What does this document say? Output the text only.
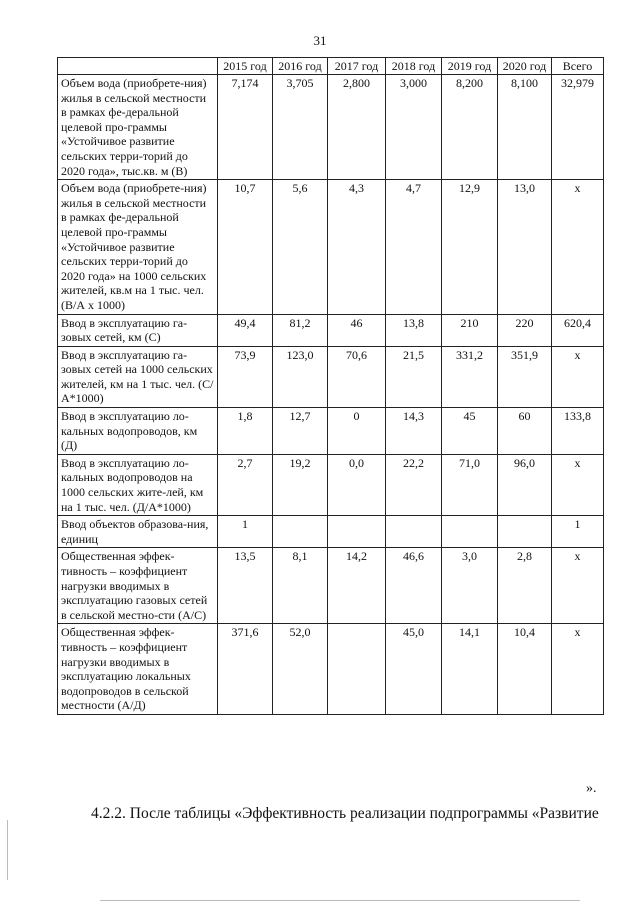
31
	2015 год	2016 год	2017 год	2018 год	2019 год	2020 год	Всего
Объем вода (приобрете-ния) жилья в сельской местности в рамках фе-деральной целевой про-граммы «Устойчивое развитие сельских терри-торий до 2020 года», тыс.кв. м (В)	7,174	3,705	2,800	3,000	8,200	8,100	32,979
Объем вода (приобрете-ния) жилья в сельской местности в рамках фе-деральной целевой про-граммы «Устойчивое развитие сельских терри-торий до 2020 года» на 1000 сельских жителей, кв.м на 1 тыс. чел. (В/А х 1000)	10,7	5,6	4,3	4,7	12,9	13,0	х
Ввод в эксплуатацию га-зовых сетей, км (С)	49,4	81,2	46	13,8	210	220	620,4
Ввод в эксплуатацию га-зовых сетей на 1000 сельских жителей, км на 1 тыс. чел. (С/А*1000)	73,9	123,0	70,6	21,5	331,2	351,9	х
Ввод в эксплуатацию ло-кальных водопроводов, км (Д)	1,8	12,7	0	14,3	45	60	133,8
Ввод в эксплуатацию ло-кальных водопроводов на 1000 сельских жите-лей, км на 1 тыс. чел. (Д/А*1000)	2,7	19,2	0,0	22,2	71,0	96,0	х
Ввод объектов образова-ния, единиц	1						1
Общественная эффек-тивность – коэффициент нагрузки вводимых в эксплуатацию газовых сетей в сельской местно-сти (А/С)	13,5	8,1	14,2	46,6	3,0	2,8	х
Общественная эффек-тивность – коэффициент нагрузки вводимых в эксплуатацию локальных водопроводов в сельской местности (А/Д)	371,6	52,0		45,0	14,1	10,4	х
».
4.2.2. После таблицы «Эффективность реализации подпрограммы «Развитие
